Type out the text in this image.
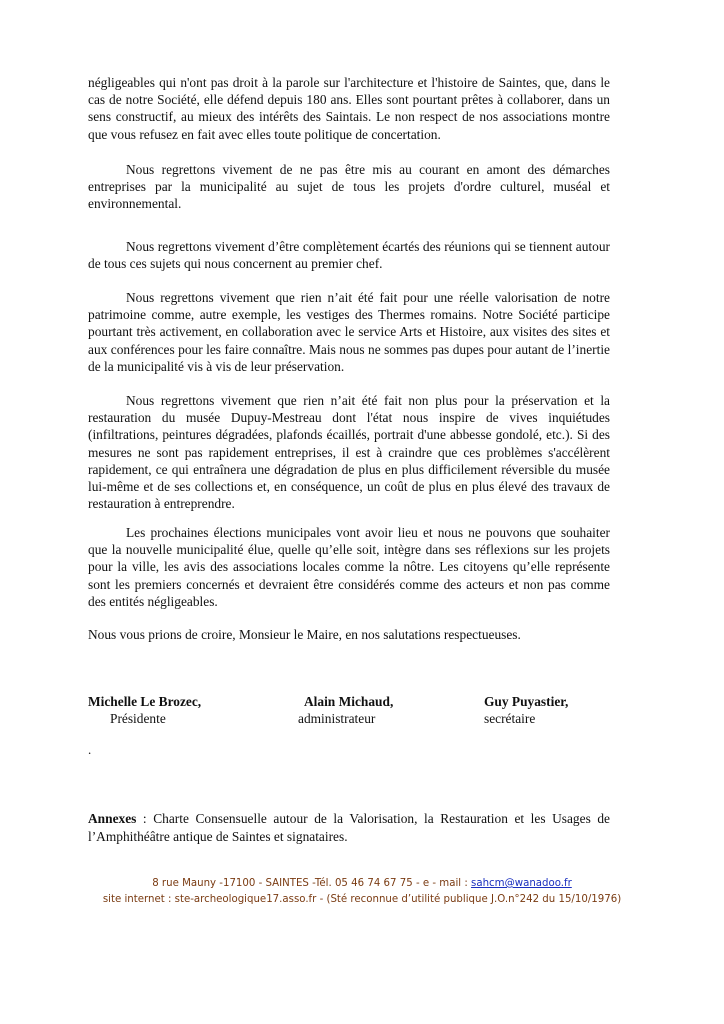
négligeables qui n'ont pas droit à la parole sur l'architecture et l'histoire de Saintes, que, dans le cas de notre Société, elle défend depuis 180 ans. Elles sont pourtant prêtes à collaborer, dans un sens constructif, au mieux des intérêts des Saintais. Le non respect de nos associations montre que vous refusez en fait avec elles toute politique de concertation.

Nous regrettons vivement de ne pas être mis au courant en amont des démarches entreprises par la municipalité au sujet de tous les projets d'ordre culturel, muséal et environnemental.

Nous regrettons vivement d’être complètement écartés des réunions qui se tiennent autour de tous ces sujets qui nous concernent au premier chef.

Nous regrettons vivement que rien n’ait été fait pour une réelle valorisation de notre patrimoine comme, autre exemple, les vestiges des Thermes romains. Notre Société participe pourtant très activement, en collaboration avec le service Arts et Histoire, aux visites des sites et aux conférences pour les faire connaître. Mais nous ne sommes pas dupes pour autant de l’inertie de la municipalité vis à vis de leur préservation.

Nous regrettons vivement que rien n’ait été fait non plus pour la préservation et la restauration du musée Dupuy-Mestreau dont l'état nous inspire de vives inquiétudes (infiltrations, peintures dégradées, plafonds écaillés, portrait d'une abbesse gondolé, etc.). Si des mesures ne sont pas rapidement entreprises, il est à craindre que ces problèmes s'accélèrent rapidement, ce qui entraînera une dégradation de plus en plus difficilement réversible du musée lui-même et de ses collections et, en conséquence, un coût de plus en plus élevé des travaux de restauration à entreprendre.

Les prochaines élections municipales vont avoir lieu et nous ne pouvons que souhaiter que la nouvelle municipalité élue, quelle qu’elle soit, intègre dans ses réflexions sur les projets pour la ville, les avis des associations locales comme la nôtre. Les citoyens qu’elle représente sont les premiers concernés et devraient être considérés comme des acteurs et non pas comme des entités négligeables.

Nous vous prions de croire, Monsieur le Maire, en nos salutations respectueuses.

Michelle Le Brozec,
Présidente
Alain Michaud,
administrateur
Guy Puyastier,
secrétaire
.

Annexes : Charte Consensuelle autour de la Valorisation, la Restauration et les Usages de l’Amphithéâtre antique de Saintes et signataires.

8 rue Mauny -17100 - SAINTES -Tél. 05 46 74 67 75 - e - mail : sahcm@wanadoo.fr
site internet : ste-archeologique17.asso.fr - (Sté reconnue d’utilité publique J.O.n°242 du 15/10/1976)
